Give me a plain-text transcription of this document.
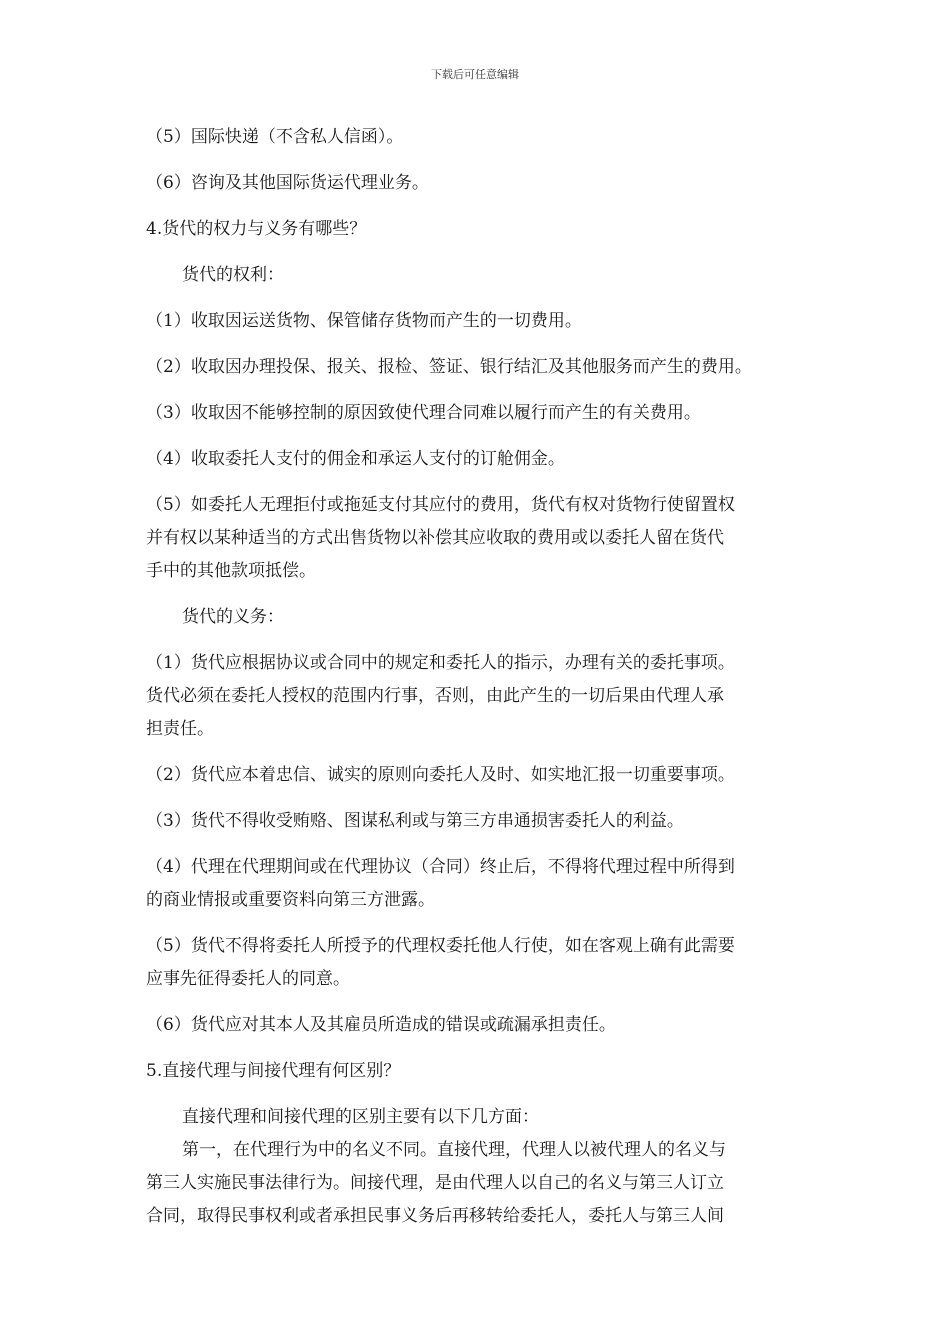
下载后可任意编辑
（5）国际快递（不含私人信函）。
（6）咨询及其他国际货运代理业务。
4.货代的权力与义务有哪些？
货代的权利：
（1）收取因运送货物、保管储存货物而产生的一切费用。
（2）收取因办理投保、报关、报检、签证、银行结汇及其他服务而产生的费用。
（3）收取因不能够控制的原因致使代理合同难以履行而产生的有关费用。
（4）收取委托人支付的佣金和承运人支付的订舱佣金。
（5）如委托人无理拒付或拖延支付其应付的费用，货代有权对货物行使留置权
并有权以某种适当的方式出售货物以补偿其应收取的费用或以委托人留在货代
手中的其他款项抵偿。
货代的义务：
（1）货代应根据协议或合同中的规定和委托人的指示，办理有关的委托事项。
货代必须在委托人授权的范围内行事，否则，由此产生的一切后果由代理人承
担责任。
（2）货代应本着忠信、诚实的原则向委托人及时、如实地汇报一切重要事项。
（3）货代不得收受贿赂、图谋私利或与第三方串通损害委托人的利益。
（4）代理在代理期间或在代理协议（合同）终止后，不得将代理过程中所得到
的商业情报或重要资料向第三方泄露。
（5）货代不得将委托人所授予的代理权委托他人行使，如在客观上确有此需要
应事先征得委托人的同意。
（6）货代应对其本人及其雇员所造成的错误或疏漏承担责任。
5.直接代理与间接代理有何区别？
直接代理和间接代理的区别主要有以下几方面：
第一，在代理行为中的名义不同。直接代理，代理人以被代理人的名义与
第三人实施民事法律行为。间接代理，是由代理人以自己的名义与第三人订立
合同，取得民事权利或者承担民事义务后再移转给委托人，委托人与第三人间
